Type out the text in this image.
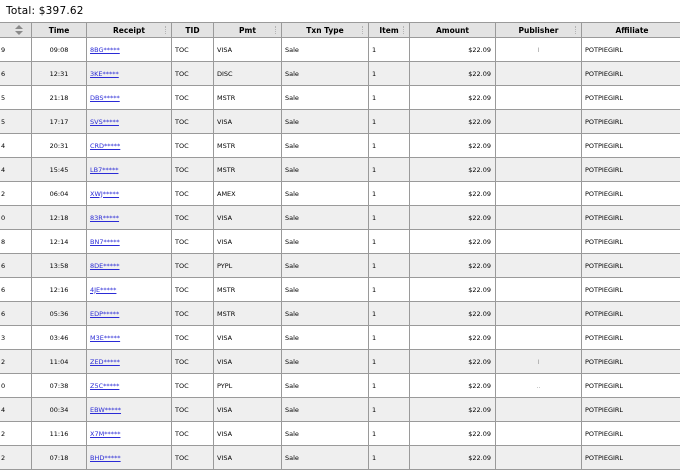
Total: $397.62
	Time	Receipt	TID	Pmt	Txn Type	Item	Amount	Publisher	Affiliate
9	09:08	8BG*****	TOC	VISA	Sale	1	$22.09	I	POTPIEGIRL
6	12:31	3KE*****	TOC	DISC	Sale	1	$22.09		POTPIEGIRL
5	21:18	DBS*****	TOC	MSTR	Sale	1	$22.09		POTPIEGIRL
5	17:17	SVS*****	TOC	VISA	Sale	1	$22.09		POTPIEGIRL
4	20:31	CRD*****	TOC	MSTR	Sale	1	$22.09		POTPIEGIRL
4	15:45	LB7*****	TOC	MSTR	Sale	1	$22.09		POTPIEGIRL
2	06:04	XWJ*****	TOC	AMEX	Sale	1	$22.09		POTPIEGIRL
0	12:18	83R*****	TOC	VISA	Sale	1	$22.09		POTPIEGIRL
8	12:14	BN7*****	TOC	VISA	Sale	1	$22.09		POTPIEGIRL
6	13:58	8DE*****	TOC	PYPL	Sale	1	$22.09		POTPIEGIRL
6	12:16	4JE*****	TOC	MSTR	Sale	1	$22.09		POTPIEGIRL
6	05:36	EDP*****	TOC	MSTR	Sale	1	$22.09		POTPIEGIRL
3	03:46	M3E*****	TOC	VISA	Sale	1	$22.09		POTPIEGIRL
2	11:04	ZED*****	TOC	VISA	Sale	1	$22.09	I	POTPIEGIRL
0	07:38	Z5C*****	TOC	PYPL	Sale	1	$22.09	..	POTPIEGIRL
4	00:34	EBW*****	TOC	VISA	Sale	1	$22.09		POTPIEGIRL
2	11:16	X7M*****	TOC	VISA	Sale	1	$22.09		POTPIEGIRL
2	07:18	BHD*****	TOC	VISA	Sale	1	$22.09		POTPIEGIRL
